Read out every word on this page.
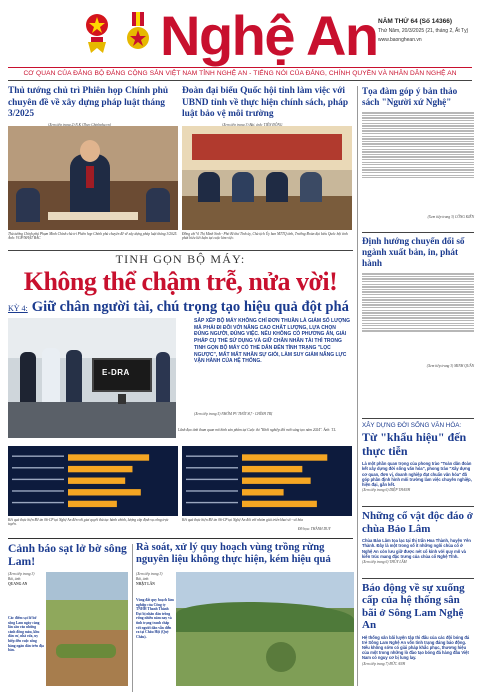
Nghệ An NĂM THỨ 64 (Số 14366)
Thứ Năm, 20/3/2025 (21, tháng 2, Ất Tỵ)
www.baonghean.vn
CƠ QUAN CỦA ĐẢNG BỘ ĐẢNG CỘNG SẢN VIỆT NAM TỈNH NGHỆ AN - TIẾNG NÓI CỦA ĐẢNG, CHÍNH QUYỀN VÀ NHÂN DÂN NGHỆ AN
Thủ tướng chủ trì Phiên họp Chính phủ chuyên đề về xây dựng pháp luật tháng 3/2025
(Xem tiếp trang 2) N.K (Theo Chinhphu.vn)
Thủ tướng Chính phủ Phạm Minh Chính chủ trì Phiên họp Chính phủ chuyên đề về xây dựng pháp luật tháng 3/2025. Ảnh: VGP/NHẬT BẮC
Đoàn đại biểu Quốc hội tỉnh làm việc với UBND tỉnh về thực hiện chính sách, pháp luật bảo vệ môi trường
(Xem tiếp trang 3) Bài, ảnh: TIẾN ĐÔNG
Đồng chí Vi Thị Minh Sinh - Phó Bí thư Tỉnh ủy, Chủ tịch Ủy ban MTTQ tỉnh, Trưởng Đoàn đại biểu Quốc hội tỉnh phát biểu kết luận tại cuộc làm việc.
Tọa đàm góp ý bản thảo sách "Người xứ Nghệ"
(Xem tiếp trang 3) CÔNG KIÊN
Định hướng chuyển đổi số ngành xuất bản, in, phát hành
(Xem tiếp trang 3) MINH QUÂN
XÂY DỰNG ĐỜI SỐNG VĂN HÓA:
Từ "khẩu hiệu" đến thực tiễn
Là một phần quan trọng của phong trào "Toàn dân đoàn kết xây dựng đời sống văn hóa", phong trào "Xây dựng cơ quan, đơn vị, doanh nghiệp đạt chuẩn văn hóa" đã góp phần định hình môi trường làm việc chuyên nghiệp, hiện đại, gắn kết.
(Xem tiếp trang 6) DIỆP THANH
Những cổ vật độc đáo ở chùa Bảo Lâm
Chùa Bảo Lâm tọa lạc tại thị trấn Hoa Thành, huyện Yên Thành. Đây là một trong số ít những ngôi chùa cổ ở Nghệ An còn lưu giữ được nét cổ kính với quy mô và kiến trúc mang đặc trưng của chùa cổ Nghệ Tĩnh.
(Xem tiếp trang 6) THÙY LÂM
Báo động về sự xuống cấp của hệ thống sân bãi ở Sông Lam Nghệ An
Hệ thống sân bãi luyện tập thi đấu của các đội bóng đá trẻ Sông Lam Nghệ An vốn tình trạng đáng báo động. Nếu không sớm có giải pháp khắc phục, thương hiệu của một trong những lò đào tạo bóng đá hàng đầu Việt Nam có nguy cơ bị lung lay.
(Xem tiếp trang 7) ĐỨC ANH
TINH GỌN BỘ MÁY:
Không thể chậm trễ, nửa vời!
KỲ 4: Giữ chân người tài, chú trọng tạo hiệu quả đột phá
E-DRA
Lãnh đạo tỉnh tham quan mô hình sản phẩm tại Cuộc thi "Khởi nghiệp đổi mới sáng tạo năm 2024". Ảnh: T.L
SẮP XẾP BỘ MÁY KHÔNG CHỈ ĐƠN THUẦN LÀ GIẢM SỐ LƯỢNG MÀ PHẢI ĐI ĐÔI VỚI NÂNG CAO CHẤT LƯỢNG, LỰA CHỌN ĐÚNG NGƯỜI, ĐÚNG VIỆC. NẾU KHÔNG CÓ PHƯƠNG ÁN, GIẢI PHÁP CỤ THỂ SỬ DỤNG VÀ GIỮ CHÂN NHÂN TÀI THÌ TRONG TINH GỌN BỘ MÁY CÓ THỂ DẪN ĐẾN TÌNH TRẠNG "LỌC NGƯỢC", MẤT MẤT NHÂN SỰ GIỎI, LÀM SUY GIẢM NĂNG LỰC VẬN HÀNH CỦA HỆ THỐNG.
(Xem tiếp trang 5) NHÓM PV THỜI SỰ - CHÍNH TRỊ
Kết quả thực hiện Đề án 06-CP tại Nghệ An đến với giai quyết thủ tục hành chính, lượng cấp định vụ công trực tuyến.
Kết quả thực hiện Đề án 06-CP tại Nghệ An đối với nhóm giải triển khai số - số hóa
Đồ họa: THÀNH DUY
Cảnh báo sạt lở bờ sông Lam!
(Xem tiếp trang 3)
Bài, ảnh:
QUANG AN
Các điểm sạt lở bờ sông Lam ngày càng lấn sâu vào những cánh đồng màu, khu dân cư, nhà cửa, uy hiếp đến cuộc sống hàng ngàn dân trên địa bàn.
Rà soát, xử lý quy hoạch vùng trồng rừng nguyên liệu không thực hiện, kém hiệu quả
(Xem tiếp trang 3)
Bài, ảnh:
NHẬT LÂN
Vùng đất quy hoạch làm nghiệp của Công ty TNHH Thanh Thành Đạt bị nhân dân trồng rừng nhiều năm nay và tình trạng tranh chấp với người dân vẫn diễn ra tại Châu Hội (Quỳ Châu).
